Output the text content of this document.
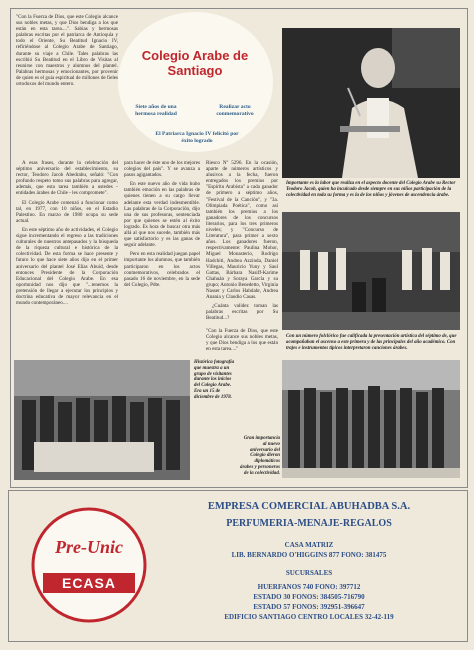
"Con la Fuerza de Dios, que este Colegio alcance sus nobles metas, y que Dios bendiga a los que están en esta tarea....". Sabias y hermosas palabras escritas por el patriarca de Antioquía y todo el Oriente, Su Beatitud Ignacio IV, refiriéndose al Colegio Arabe de Santiago, durante su viaje a Chile. Tales palabras las escribió Su Beatitud en el Libro de Visitas al reunirse con maestros y alumnos del plantel. Palabras hermosas y emocionantes, por provenir de quien es el guía espiritual de millones de fieles ortodoxos del mundo entero.
Colegio Arabe de Santiago
Siete años de una hermosa realidad
Realizar acto conmemorativo
El Patriarca Ignacio IV felicitó por éxito logrado
Importante es la labor que realiza en el aspecto docente del Colegio Arabe su Rector Teodoro Jacob, quien ha inculcado desde siempre en sus niños participación de la colectividad en toda su forma y es la de los niños y jóvenes de ascendencia árabe.

A esas frases, durante la celebración del séptimo aniversario del establecimiento, su rector, Teodoro Jacob Abedrabu, señaló: "Con profundo respeto tomo sus palabras para agregar, además, que esta tarea también a ustedes - entidades árabes de Chile - les compromete".

El Colegio Arabe comenzó a funcionar como tal, en 1977, con 10 niños, en el Estadio Palestino. En marzo de 1980 ocupa su sede actual.

En este séptimo año de actividades, el Colegio sigue incrementando el regreso a las tradiciones culturales de nuestros antepasados y la búsqueda de la riqueza cultural e histórica de la colectividad. De esta forma se hace presente y futuro lo que hace siete años dijo en el primer aniversario del plantel José Elías Abuid, desde entonces Presidente de la Corporación Educacional del Colegio Arabe. En esa oportunidad nos dijo que "...tenemos la pretensión de llegar a ejecutar los principios y doctrina educativa de mayor relevancia en el mundo contemporáneo....

para hacer de éste uno de los mejores colegios del país". Y se avanza a pasos agigantados.

En este nuevo año de vida hubo también emoción en las palabras de quienes tienen a su cargo llevar adelante esta verdad indesmentible. Las palabras de la Corporación, dijo una de sus profesoras, sentenciada por que quienes se estén al éxito logrado. Es hora de buscar otra más allá al que nos sucede, también más que satisfactorio y es las ganas de seguir adelante.

Pero en esta realidad juegan papel importante los alumnos, que también participaron en los actos conmemorativos, celebrados el pasado 16 de noviembre, en la sede del Colegio, Pdte.

Riesco Nº 5296. En la ocasión, aparte de números artísticos y alusivos a la fecha, fueron entregados los premios por "Espíritu Arabista" a cada ganador de primero a séptimo años, "Festival de la Canción", y "3a. Olimpiada Poética", como así también los premios a los ganadores de los concursos literarios, para los tres primeros niveles; y "Concurso de Literatura", para primer a sexto años. Los ganadores fueron, respectivamente: Paulina Mohor, Miguel Monasterio, Rodrigo Hadchiti, Andrea Azzinda, Daniel Villegas, Mauricio Yuny y Saul Gattas, Bárbara Nasiff-Karime Chahuán y Soraya García y su grupo; Antonio Benedetto, Virginia Nasser y Carlos Habdahr, Andrea Anania y Claudio Casas.

¿Cuánta validez toman las palabras escritas por Su Beatitud...?

"Con la Fuerza de Dios, que este Colegio alcance sus nobles metas, y que Dios bendiga a los que están en esta tarea...."
Con un número folclórico fue calificada la presentación artística del séptimo de, que acompañaban el ascenso a este primera y de las principales del año académico. Con trajes e instrumentos típicos interpretaron canciones árabes.
Histórica fotografía que muestra a un grupo de visitantes durante los inicios del Colegio Arabe. Era un 15 de diciembre de 1978.
Gran importancia al nuevo aniversario del Colegio dieron diplomáticos árabes y personeros de la colectividad.
Pre-Unic
ECASA
EMPRESA COMERCIAL ABUHADBA S.A.
PERFUMERIA-MENAJE-REGALOS
CASA MATRIZ
LIB. BERNARDO O'HIGGINS 877 FONO: 381475
SUCURSALES
HUERFANOS 740 FONO: 397712
ESTADO 30 FONOS: 384505-716790
ESTADO 57 FONOS: 392951-396647
EDIFICIO SANTIAGO CENTRO LOCALES 32-42-119
